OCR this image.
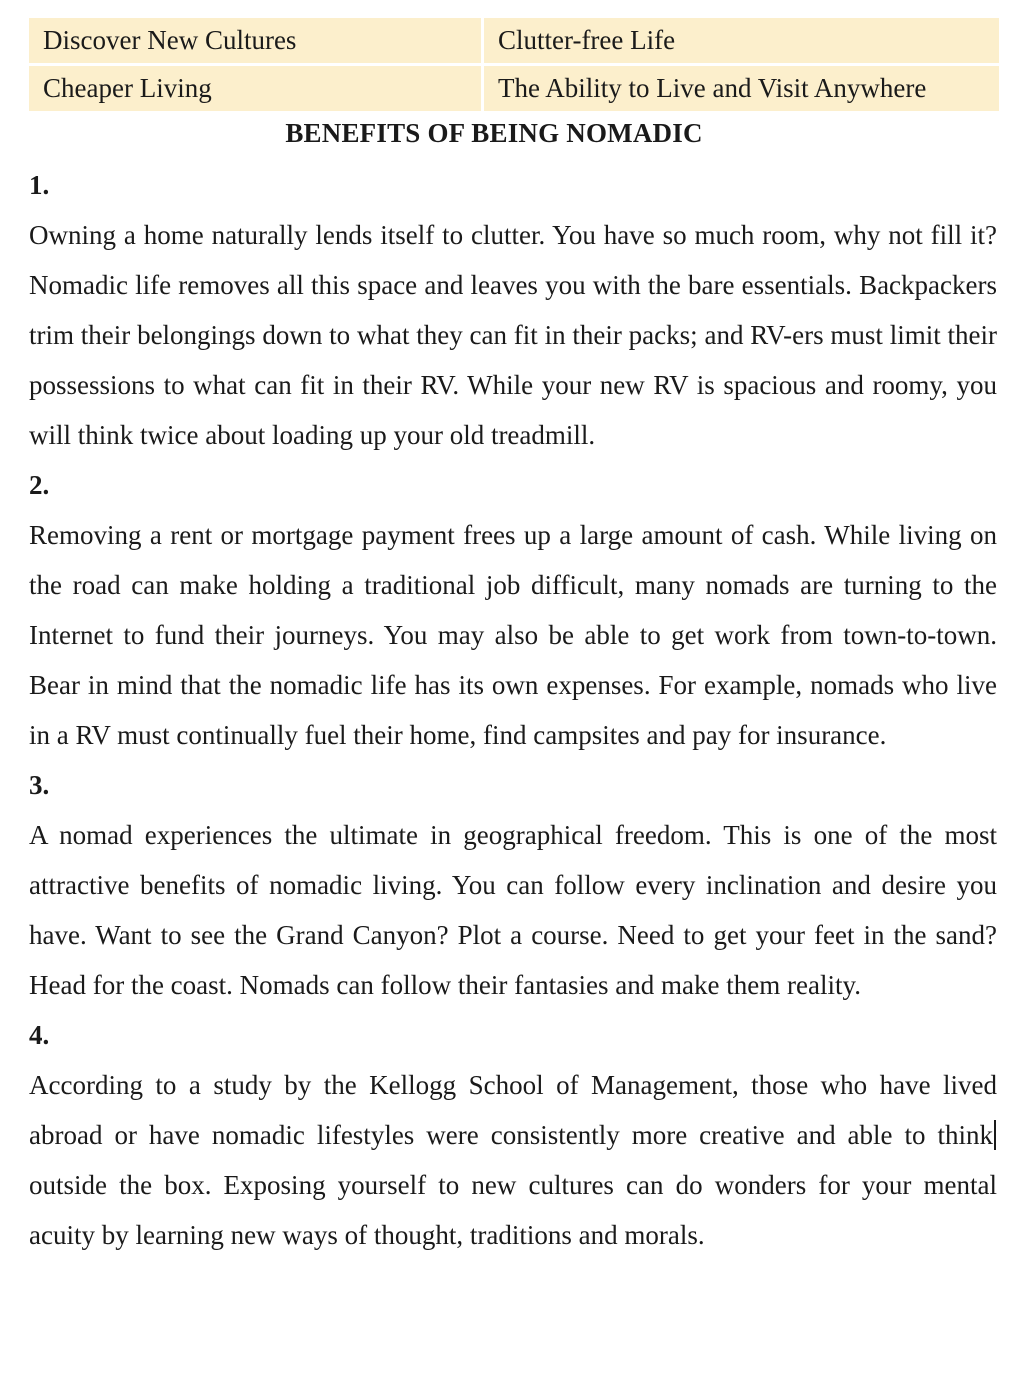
Discover New Cultures	Clutter-free Life
Cheaper Living	The Ability to Live and Visit Anywhere
BENEFITS OF BEING NOMADIC

1.

Owning a home naturally lends itself to clutter. You have so much room, why not fill it? Nomadic life removes all this space and leaves you with the bare essentials. Backpackers trim their belongings down to what they can fit in their packs; and RV-ers must limit their possessions to what can fit in their RV. While your new RV is spacious and roomy, you will think twice about loading up your old treadmill.

2.

Removing a rent or mortgage payment frees up a large amount of cash. While living on the road can make holding a traditional job difficult, many nomads are turning to the Internet to fund their journeys. You may also be able to get work from town-to-town. Bear in mind that the nomadic life has its own expenses. For example, nomads who live in a RV must continually fuel their home, find campsites and pay for insurance.

3.

A nomad experiences the ultimate in geographical freedom. This is one of the most attractive benefits of nomadic living. You can follow every inclination and desire you have. Want to see the Grand Canyon? Plot a course. Need to get your feet in the sand? Head for the coast. Nomads can follow their fantasies and make them reality.

4.

According to a study by the Kellogg School of Management, those who have lived abroad or have nomadic lifestyles were consistently more creative and able to think outside the box. Exposing yourself to new cultures can do wonders for your mental acuity by learning new ways of thought, traditions and morals.
